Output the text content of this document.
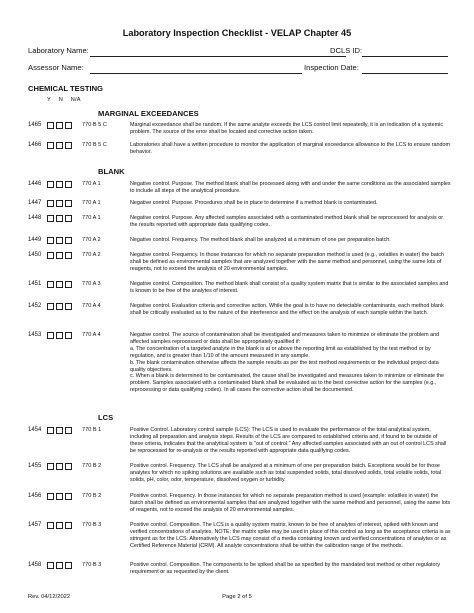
Laboratory Inspection Checklist - VELAP Chapter 45
Laboratory Name:	DCLS ID:
Assessor Name:	Inspection Date:
CHEMICAL TESTING
Y N N/A
MARGINAL EXCEEDANCES
BLANK
LCS
1465	770 B 5 C	Marginal exceedance shall be random. If the same analyte exceeds the LCS control limit repeatedly, it is an indication of a systemic problem. The source of the error shall be located and corrective action taken.
1466	770 B 5 C	Laboratories shall have a written procedure to monitor the application of marginal exceedance allowance to the LCS to ensure random behavior.
1446	770 A 1	Negative control. Purpose. The method blank shall be processed along with and under the same conditions as the associated samples to include all steps of the analytical procedure.
1447	770 A 1	Negative control. Purpose. Procedures shall be in place to determine if a method blank is contaminated.
1448	770 A 1	Negative control. Purpose. Any affected samples associated with a contaminated method blank shall be reprocessed for analysis or the results reported with appropriate data qualifying codes.
1449	770 A 2	Negative control. Frequency. The method blank shall be analyzed at a minimum of one per preparation batch.
1450	770 A 2	Negative control. Frequency. In those instances for which no separate preparation method is used (e.g., volatiles in water) the batch shall be defined as environmental samples that are analyzed together with the same method and personnel, using the same lots of reagents, not to exceed the analysis of 20 environmental samples.
1451	770 A 3	Negative control. Composition. The method blank shall consist of a quality system matrix that is similar to the associated samples and is known to be free of the analytes of interest.
1452	770 A 4	Negative control. Evaluation criteria and corrective action. While the goal is to have no detectable contaminants, each method blank shall be critically evaluated as to the nature of the interference and the effect on the analysis of each sample within the batch.
1453	770 A 4	Negative control. The source of contamination shall be investigated and measures taken to minimize or eliminate the problem and affected samples reprocessed or data shall be appropriately qualified if:
a. The concentration of a targeted analyte in the blank is at or above the reporting limit as established by the test method or by regulation, and is greater than 1/10 of the amount measured in any sample.
b. The blank contamination otherwise affects the sample results as per the test method requirements or the individual project data quality objectives.
c. When a blank is determined to be contaminated, the cause shall be investigated and measures taken to minimize or eliminate the problem. Samples associated with a contaminated blank shall be evaluated as to the best corrective action for the samples (e.g., reprocessing or data qualifying codes). In all cases the corrective action shall be documented.
1454	770 B 1	Positive Control. Laboratory control sample (LCS): The LCS is used to evaluate the performance of the total analytical system, including all preparation and analysis steps. Results of the LCS are compared to established criteria and, if found to be outside of these criteria, indicates that the analytical system is "out of control." Any affected samples associated with an out of control LCS shall be reprocessed for re-analysis or the results reported with appropriate data qualifying codes.
1455	770 B 2	Positive control. Frequency. The LCS shall be analyzed at a minimum of one per preparation batch. Exceptions would be for those analytes for which no spiking solutions are available such as total suspended solids, total dissolved solids, total volatile solids, total solids, pH, color, odor, temperature, dissolved oxygen or turbidity.
1456	770 B 2	Positive control. Frequency. In those instances for which no separate preparation method is used (example: volatiles in water) the batch shall be defined as environmental samples that are analyzed together with the same method and personnel, using the same lots of reagents, not to exceed the analysis of 20 environmental samples.
1457	770 B 3	Positive control. Composition. The LCS is a quality system matrix, known to be free of analytes of interest, spiked with known and verified concentrations of analytes. NOTE: the matrix spike may be used in place of this control as long as the acceptance criteria is as stringent as for the LCS. Alternatively the LCS may consist of a media containing known and verified concentrations of analytes or as Certified Reference Material (CRM). All analyte concentrations shall be within the calibration range of the methods.
1458	770 B 3	Positive control. Composition. The components to be spiked shall be as specified by the mandated test method or other regulatory requirement or as requested by the client.
Rev. 04/12/2022	Page 2 of 5
